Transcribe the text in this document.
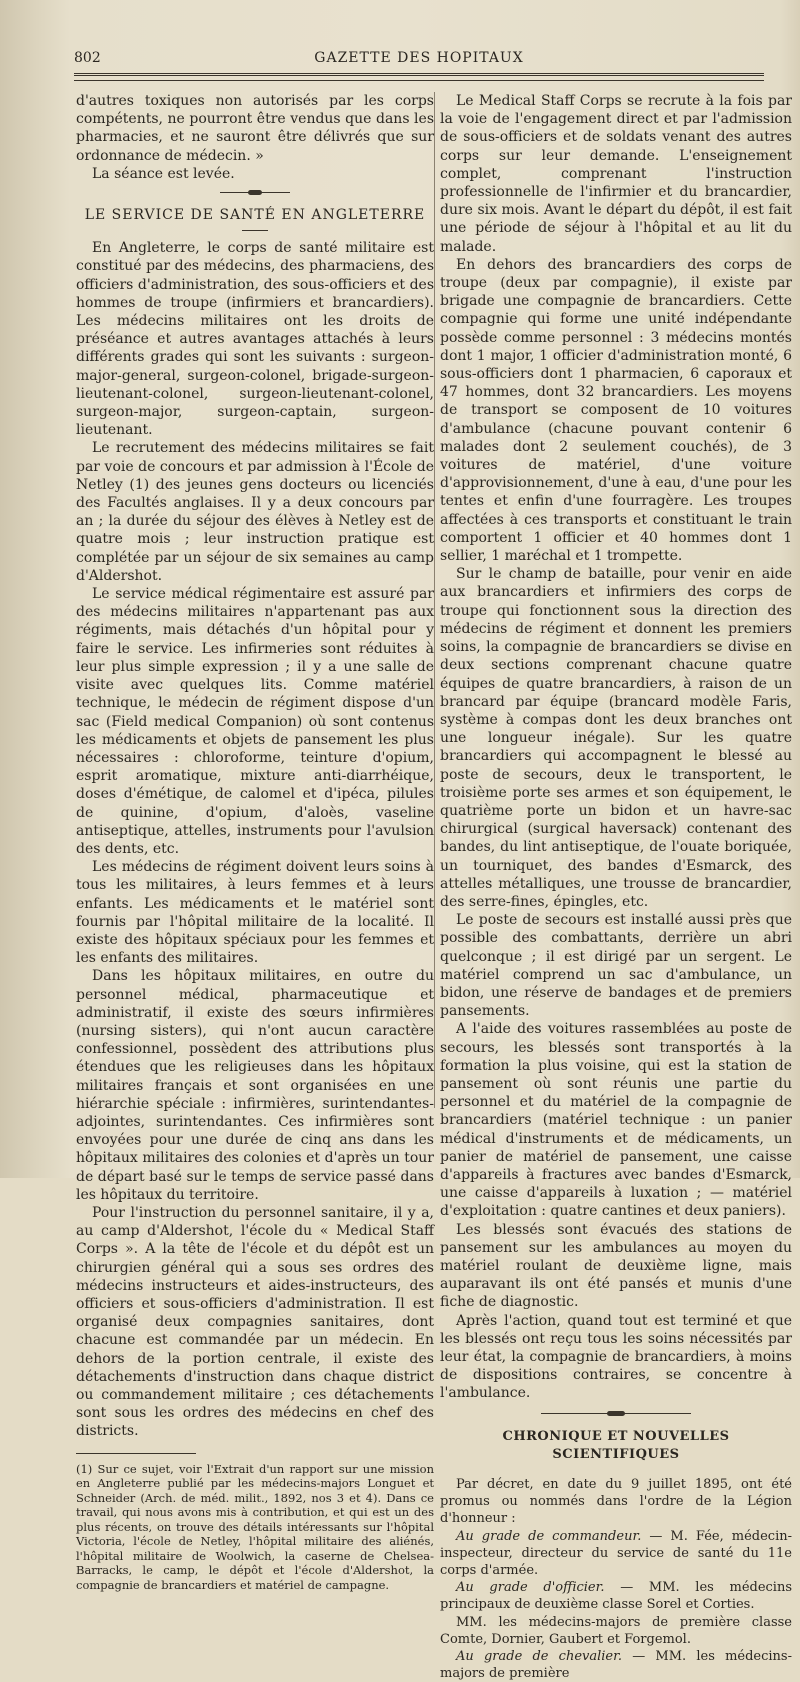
802	GAZETTE DES HOPITAUX

d'autres toxiques non autorisés par les corps compétents, ne pourront être vendus que dans les pharmacies, et ne sauront être délivrés que sur ordonnance de médecin. »

La séance est levée.

LE SERVICE DE SANTÉ EN ANGLETERRE

En Angleterre, le corps de santé militaire est constitué par des médecins, des pharmaciens, des officiers d'administration, des sous-officiers et des hommes de troupe (infirmiers et brancardiers). Les médecins militaires ont les droits de préséance et autres avantages attachés à leurs différents grades qui sont les suivants : surgeon-major-general, surgeon-colonel, brigade-surgeon-lieutenant-colonel, surgeon-lieutenant-colonel, surgeon-major, surgeon-captain, surgeon-lieutenant.

Le recrutement des médecins militaires se fait par voie de concours et par admission à l'École de Netley (1) des jeunes gens docteurs ou licenciés des Facultés anglaises. Il y a deux concours par an ; la durée du séjour des élèves à Netley est de quatre mois ; leur instruction pratique est complétée par un séjour de six semaines au camp d'Aldershot.

Le service médical régimentaire est assuré par des médecins militaires n'appartenant pas aux régiments, mais détachés d'un hôpital pour y faire le service. Les infirmeries sont réduites à leur plus simple expression ; il y a une salle de visite avec quelques lits. Comme matériel technique, le médecin de régiment dispose d'un sac (Field medical Companion) où sont contenus les médicaments et objets de pansement les plus nécessaires : chloroforme, teinture d'opium, esprit aromatique, mixture anti-diarrhéique, doses d'émétique, de calomel et d'ipéca, pilules de quinine, d'opium, d'aloès, vaseline antiseptique, attelles, instruments pour l'avulsion des dents, etc.

Les médecins de régiment doivent leurs soins à tous les militaires, à leurs femmes et à leurs enfants. Les médicaments et le matériel sont fournis par l'hôpital militaire de la localité. Il existe des hôpitaux spéciaux pour les femmes et les enfants des militaires.

Dans les hôpitaux militaires, en outre du personnel médical, pharmaceutique et administratif, il existe des sœurs infirmières (nursing sisters), qui n'ont aucun caractère confessionnel, possèdent des attributions plus étendues que les religieuses dans les hôpitaux militaires français et sont organisées en une hiérarchie spéciale : infirmières, surintendantes-adjointes, surintendantes. Ces infirmières sont envoyées pour une durée de cinq ans dans les hôpitaux militaires des colonies et d'après un tour de départ basé sur le temps de service passé dans les hôpitaux du territoire.

Pour l'instruction du personnel sanitaire, il y a, au camp d'Aldershot, l'école du « Medical Staff Corps ». A la tête de l'école et du dépôt est un chirurgien général qui a sous ses ordres des médecins instructeurs et aides-instructeurs, des officiers et sous-officiers d'administration. Il est organisé deux compagnies sanitaires, dont chacune est commandée par un médecin. En dehors de la portion centrale, il existe des détachements d'instruction dans chaque district ou commandement militaire ; ces détachements sont sous les ordres des médecins en chef des districts.

(1) Sur ce sujet, voir l'Extrait d'un rapport sur une mission en Angleterre publié par les médecins-majors Longuet et Schneider (Arch. de méd. milit., 1892, nos 3 et 4). Dans ce travail, qui nous avons mis à contribution, et qui est un des plus récents, on trouve des détails intéressants sur l'hôpital Victoria, l'école de Netley, l'hôpital militaire des aliénés, l'hôpital militaire de Woolwich, la caserne de Chelsea-Barracks, le camp, le dépôt et l'école d'Aldershot, la compagnie de brancardiers et matériel de campagne.

Le Medical Staff Corps se recrute à la fois par la voie de l'engagement direct et par l'admission de sous-officiers et de soldats venant des autres corps sur leur demande. L'enseignement complet, comprenant l'instruction professionnelle de l'infirmier et du brancardier, dure six mois. Avant le départ du dépôt, il est fait une période de séjour à l'hôpital et au lit du malade.

En dehors des brancardiers des corps de troupe (deux par compagnie), il existe par brigade une compagnie de brancardiers. Cette compagnie qui forme une unité indépendante possède comme personnel : 3 médecins montés dont 1 major, 1 officier d'administration monté, 6 sous-officiers dont 1 pharmacien, 6 caporaux et 47 hommes, dont 32 brancardiers. Les moyens de transport se composent de 10 voitures d'ambulance (chacune pouvant contenir 6 malades dont 2 seulement couchés), de 3 voitures de matériel, d'une voiture d'approvisionnement, d'une à eau, d'une pour les tentes et enfin d'une fourragère. Les troupes affectées à ces transports et constituant le train comportent 1 officier et 40 hommes dont 1 sellier, 1 maréchal et 1 trompette.

Sur le champ de bataille, pour venir en aide aux brancardiers et infirmiers des corps de troupe qui fonctionnent sous la direction des médecins de régiment et donnent les premiers soins, la compagnie de brancardiers se divise en deux sections comprenant chacune quatre équipes de quatre brancardiers, à raison de un brancard par équipe (brancard modèle Faris, système à compas dont les deux branches ont une longueur inégale). Sur les quatre brancardiers qui accompagnent le blessé au poste de secours, deux le transportent, le troisième porte ses armes et son équipement, le quatrième porte un bidon et un havre-sac chirurgical (surgical haversack) contenant des bandes, du lint antiseptique, de l'ouate boriquée, un tourniquet, des bandes d'Esmarck, des attelles métalliques, une trousse de brancardier, des serre-fines, épingles, etc.

Le poste de secours est installé aussi près que possible des combattants, derrière un abri quelconque ; il est dirigé par un sergent. Le matériel comprend un sac d'ambulance, un bidon, une réserve de bandages et de premiers pansements.

A l'aide des voitures rassemblées au poste de secours, les blessés sont transportés à la formation la plus voisine, qui est la station de pansement où sont réunis une partie du personnel et du matériel de la compagnie de brancardiers (matériel technique : un panier médical d'instruments et de médicaments, un panier de matériel de pansement, une caisse d'appareils à fractures avec bandes d'Esmarck, une caisse d'appareils à luxation ; — matériel d'exploitation : quatre cantines et deux paniers).

Les blessés sont évacués des stations de pansement sur les ambulances au moyen du matériel roulant de deuxième ligne, mais auparavant ils ont été pansés et munis d'une fiche de diagnostic.

Après l'action, quand tout est terminé et que les blessés ont reçu tous les soins nécessités par leur état, la compagnie de brancardiers, à moins de dispositions contraires, se concentre à l'ambulance.

CHRONIQUE ET NOUVELLES SCIENTIFIQUES

Par décret, en date du 9 juillet 1895, ont été promus ou nommés dans l'ordre de la Légion d'honneur :

Au grade de commandeur. — M. Fée, médecin-inspecteur, directeur du service de santé du 11e corps d'armée.

Au grade d'officier. — MM. les médecins principaux de deuxième classe Sorel et Corties.

MM. les médecins-majors de première classe Comte, Dornier, Gaubert et Forgemol.

Au grade de chevalier. — MM. les médecins-majors de première
